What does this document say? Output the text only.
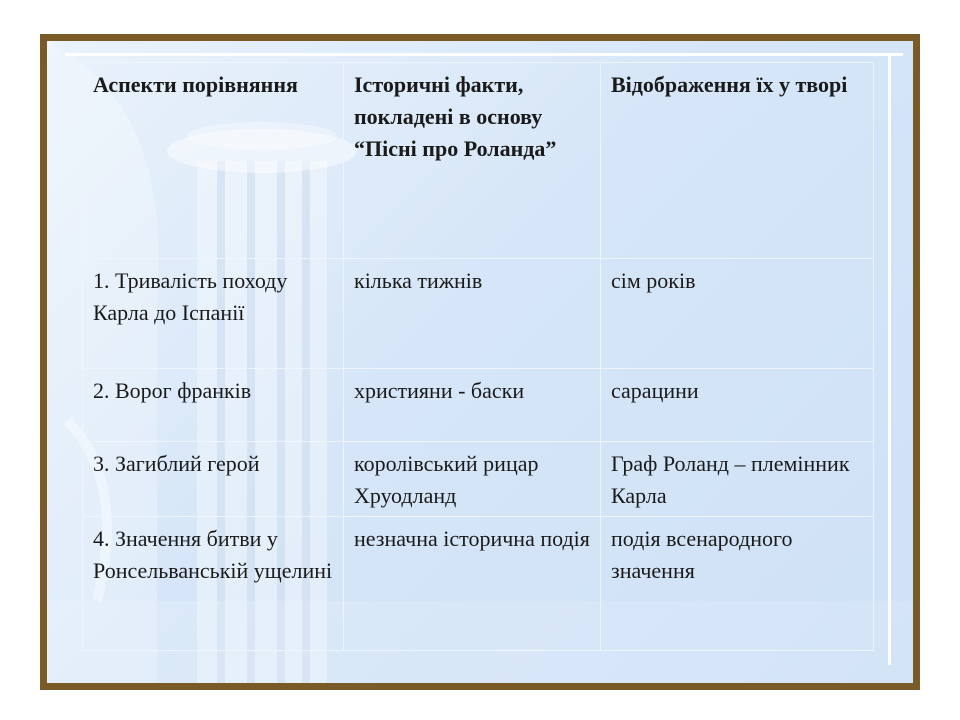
Аспекти порівняння	Історичні факти, покладені в основу “Пісні про Роланда”	Відображення їх у творі
1. Тривалість походу Карла до Іспанії	кілька тижнів	сім років
2. Ворог франків	християни - баски	сарацини
3. Загиблий герой	королівський рицар Хруодланд	Граф Роланд – племінник Карла
4. Значення битви у Ронсельванській ущелині	незначна історична подія	подія всенародного значення
